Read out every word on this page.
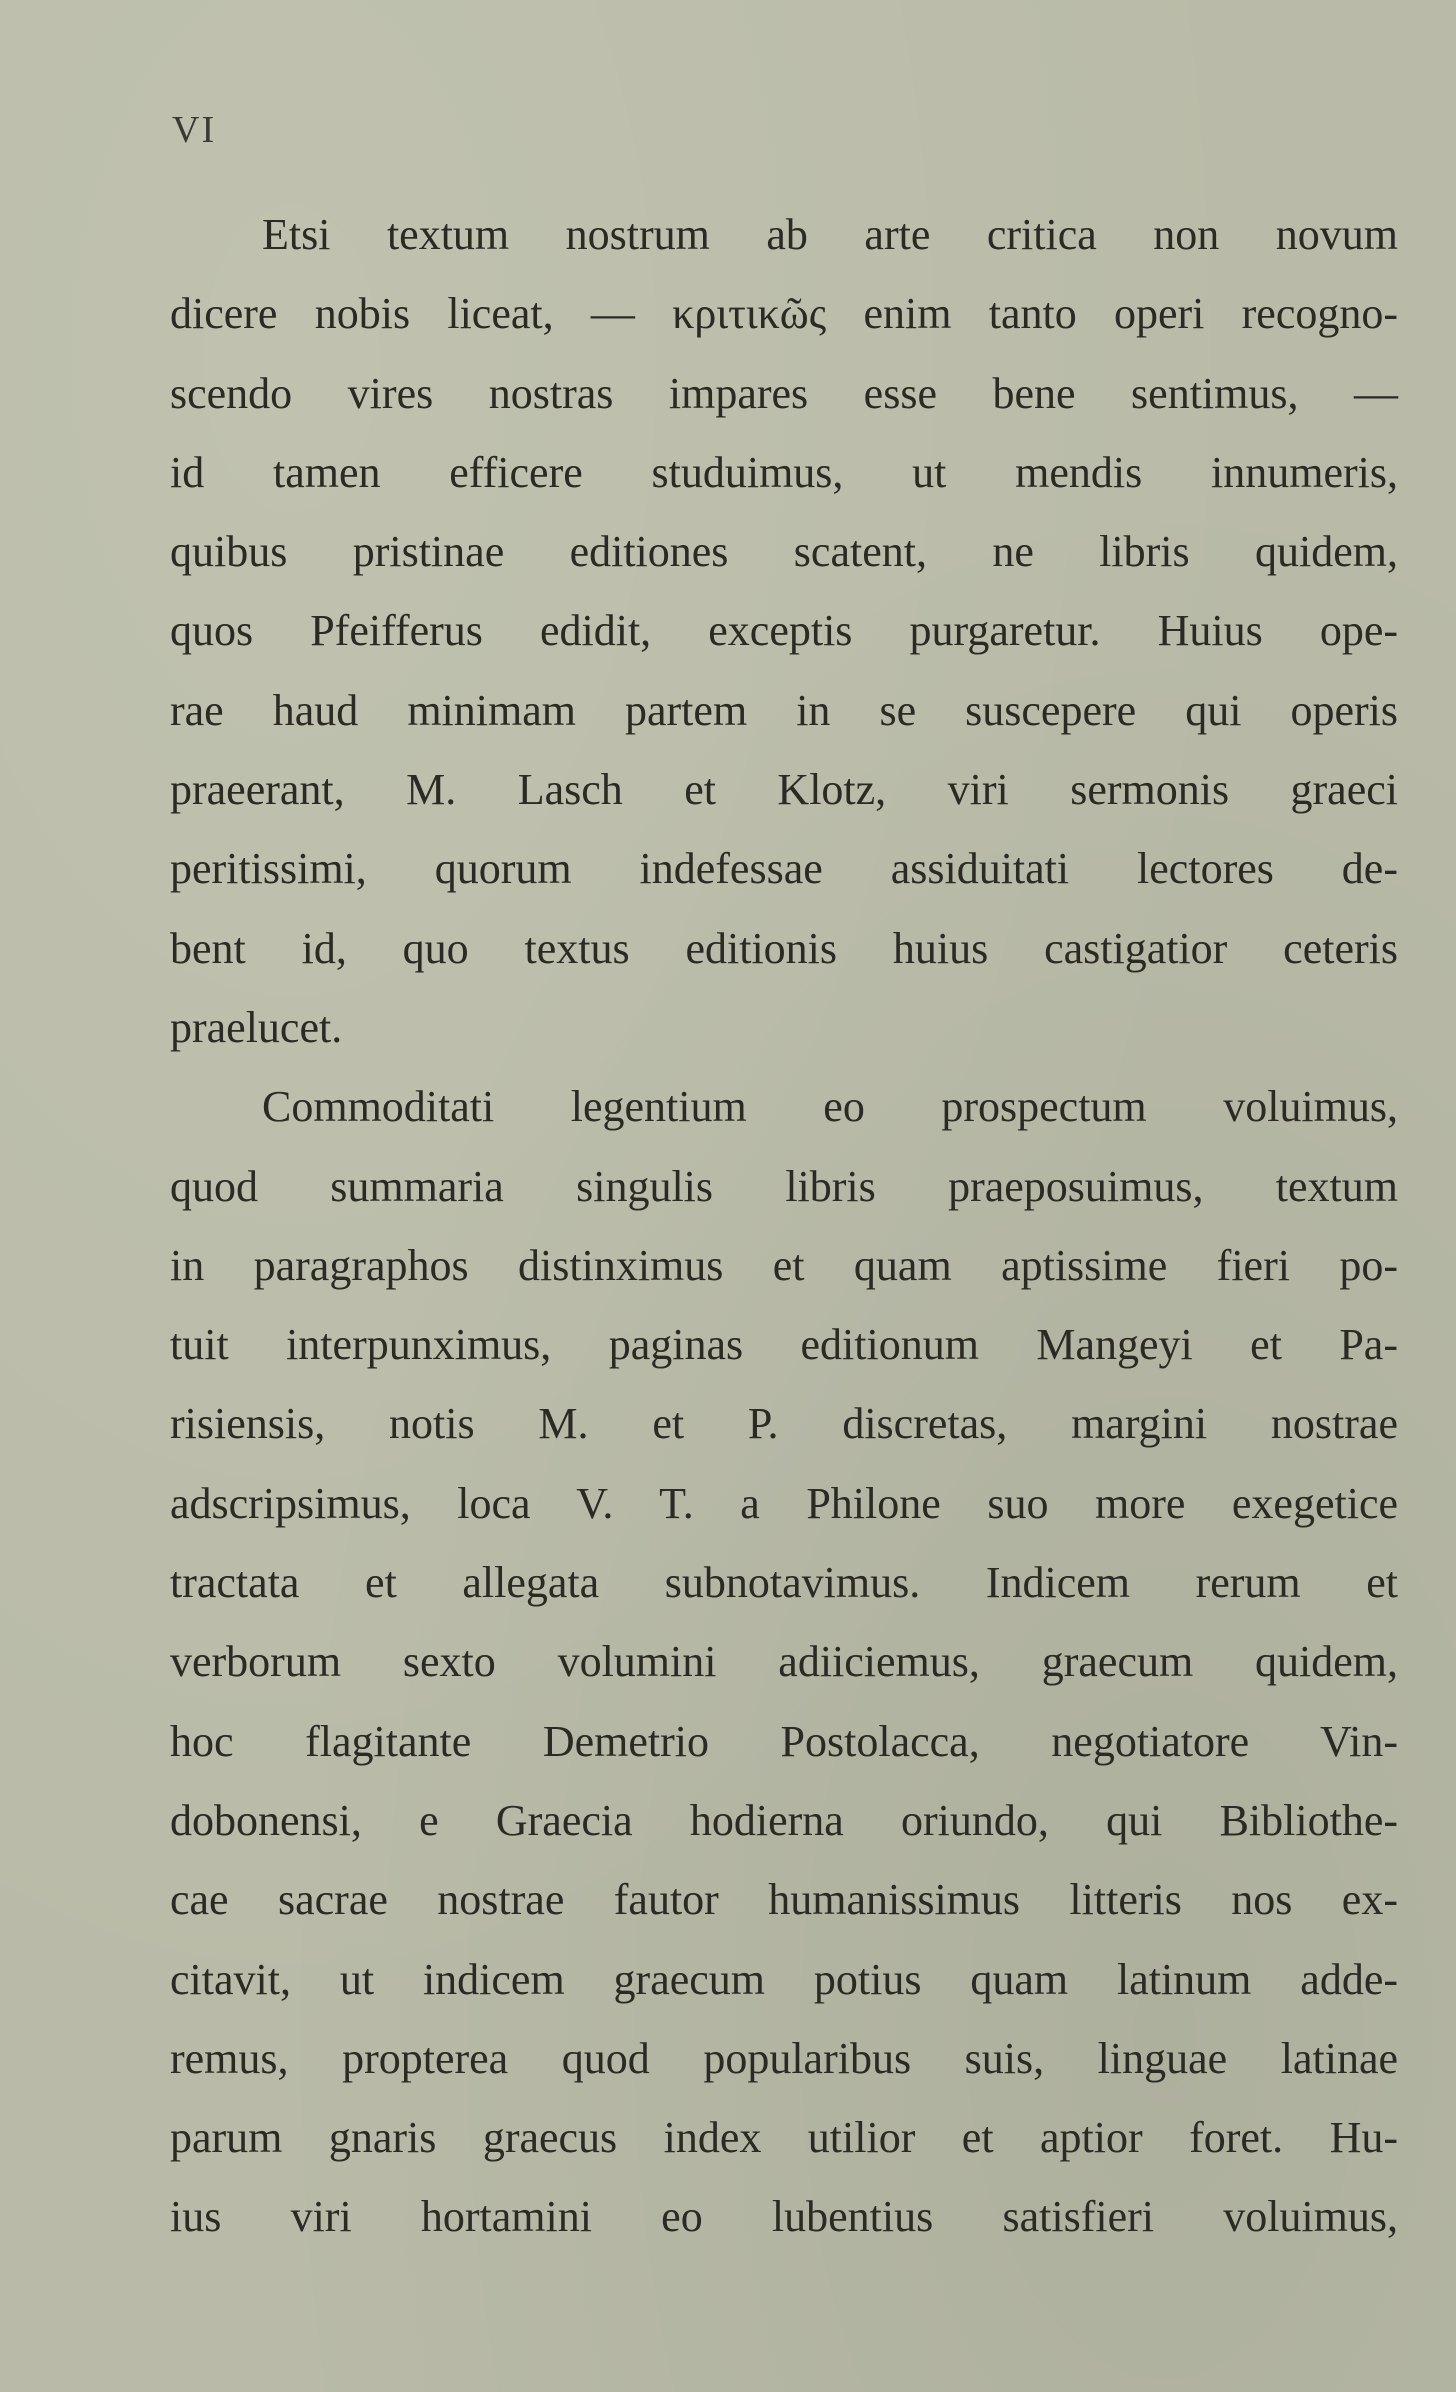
VI
Etsi textum nostrum ab arte critica non novum
dicere nobis liceat, — κριτικῶς enim tanto operi recogno-
scendo vires nostras impares esse bene sentimus, —
id tamen efficere studuimus, ut mendis innumeris,
quibus pristinae editiones scatent, ne libris quidem,
quos Pfeifferus edidit, exceptis purgaretur. Huius ope-
rae haud minimam partem in se suscepere qui operis
praeerant, M. Lasch et Klotz, viri sermonis graeci
peritissimi, quorum indefessae assiduitati lectores de-
bent id, quo textus editionis huius castigatior ceteris
praelucet.
Commoditati legentium eo prospectum voluimus,
quod summaria singulis libris praeposuimus, textum
in paragraphos distinximus et quam aptissime fieri po-
tuit interpunximus, paginas editionum Mangeyi et Pa-
risiensis, notis M. et P. discretas, margini nostrae
adscripsimus, loca V. T. a Philone suo more exegetice
tractata et allegata subnotavimus. Indicem rerum et
verborum sexto volumini adiiciemus, graecum quidem,
hoc flagitante Demetrio Postolacca, negotiatore Vin-
dobonensi, e Graecia hodierna oriundo, qui Bibliothe-
cae sacrae nostrae fautor humanissimus litteris nos ex-
citavit, ut indicem graecum potius quam latinum adde-
remus, propterea quod popularibus suis, linguae latinae
parum gnaris graecus index utilior et aptior foret. Hu-
ius viri hortamini eo lubentius satisfieri voluimus,
